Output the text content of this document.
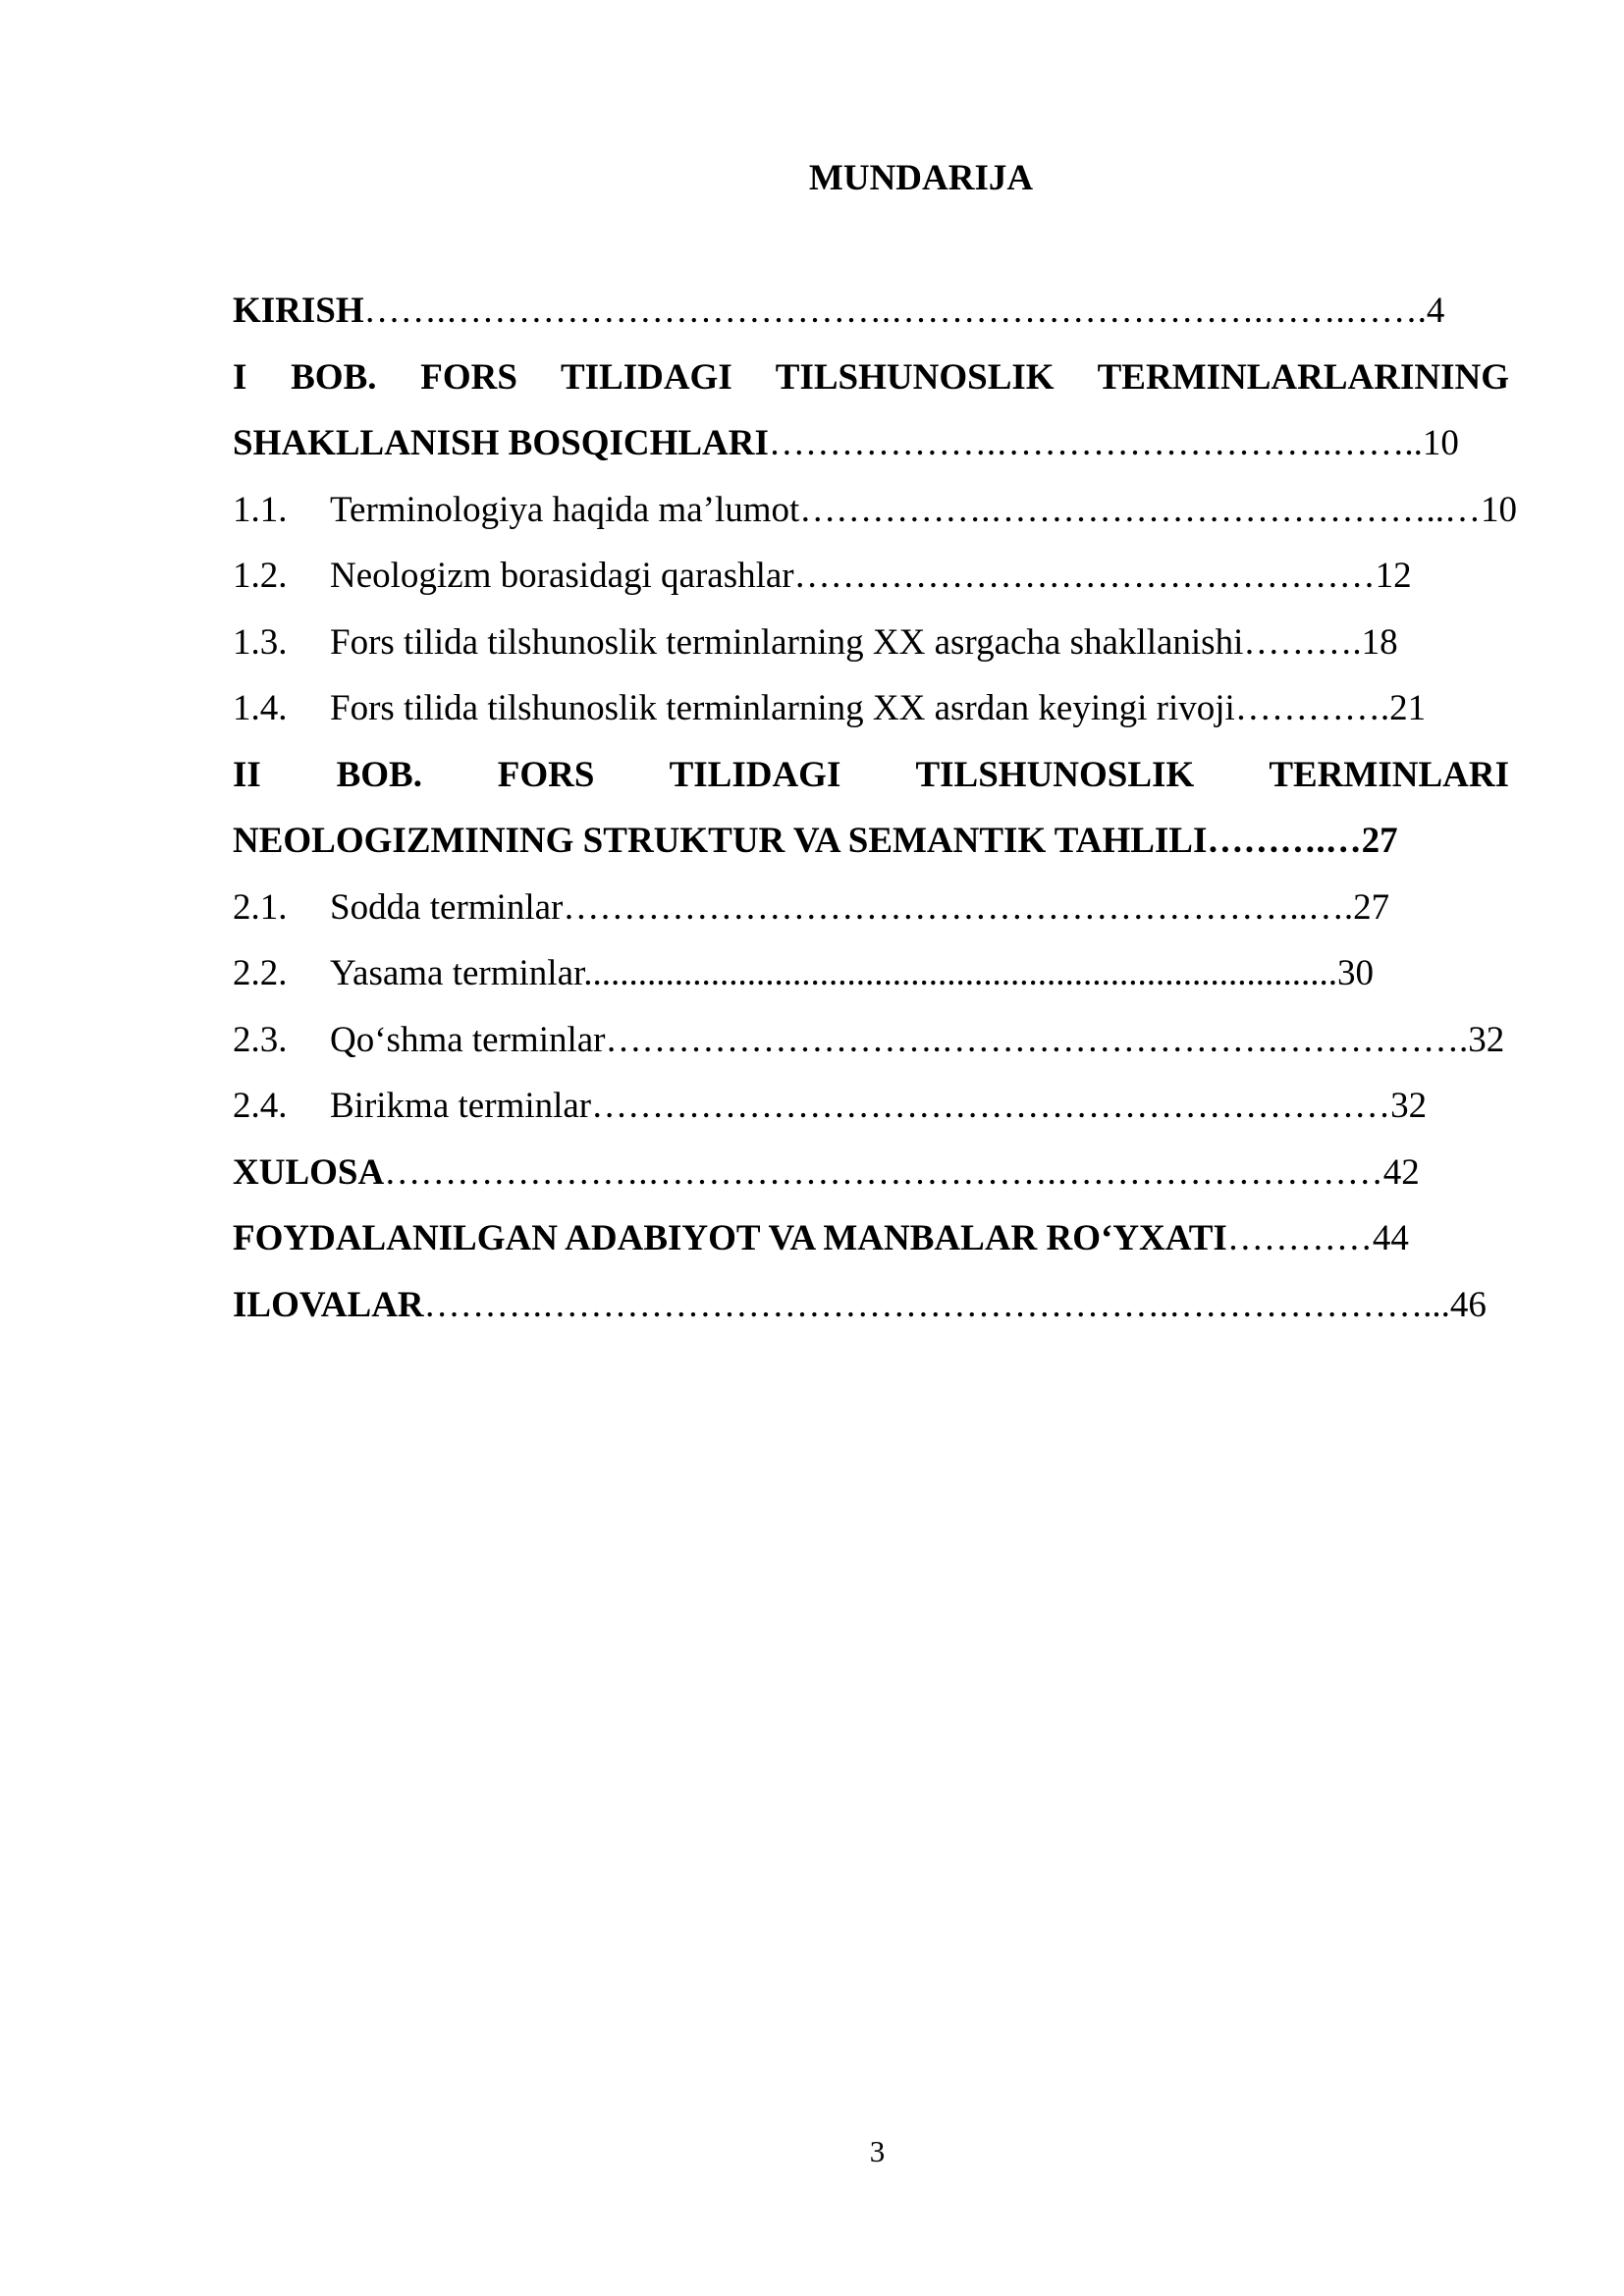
MUNDARIJA
KIRISH…….……………………………….………………………….…….…….4
I BOB. FORS TILIDAGI TILSHUNOSLIK TERMINLARLARINING
SHAKLLANISH BOSQICHLARI……………….……………………….……..10
1.1. Terminologiya haqida ma’lumot…………….………………………………..…10
1.2. Neologizm borasidagi qarashlar…………………………………………12
1.3. Fors tilida tilshunoslik terminlarning XX asrgacha shakllanishi……….18
1.4. Fors tilida tilshunoslik terminlarning XX asrdan keyingi rivoji………….21
II BOB. FORS TILIDAGI TILSHUNOSLIK TERMINLARI
NEOLOGIZMINING STRUKTUR VA SEMANTIK TAHLILI……….…27
2.1. Sodda terminlar……………………………………………………..….27
2.2. Yasama terminlar...................................................................................30
2.3. Qo‘shma terminlar……………………….……………………….…………….32
2.4. Birikma terminlar…………………………………………………………32
XULOSA………………….…………………………….………………………42
FOYDALANILGAN ADABIYOT VA MANBALAR RO‘YXATI…………44
ILOVALAR……….…………………………………………….…………………...46
3
